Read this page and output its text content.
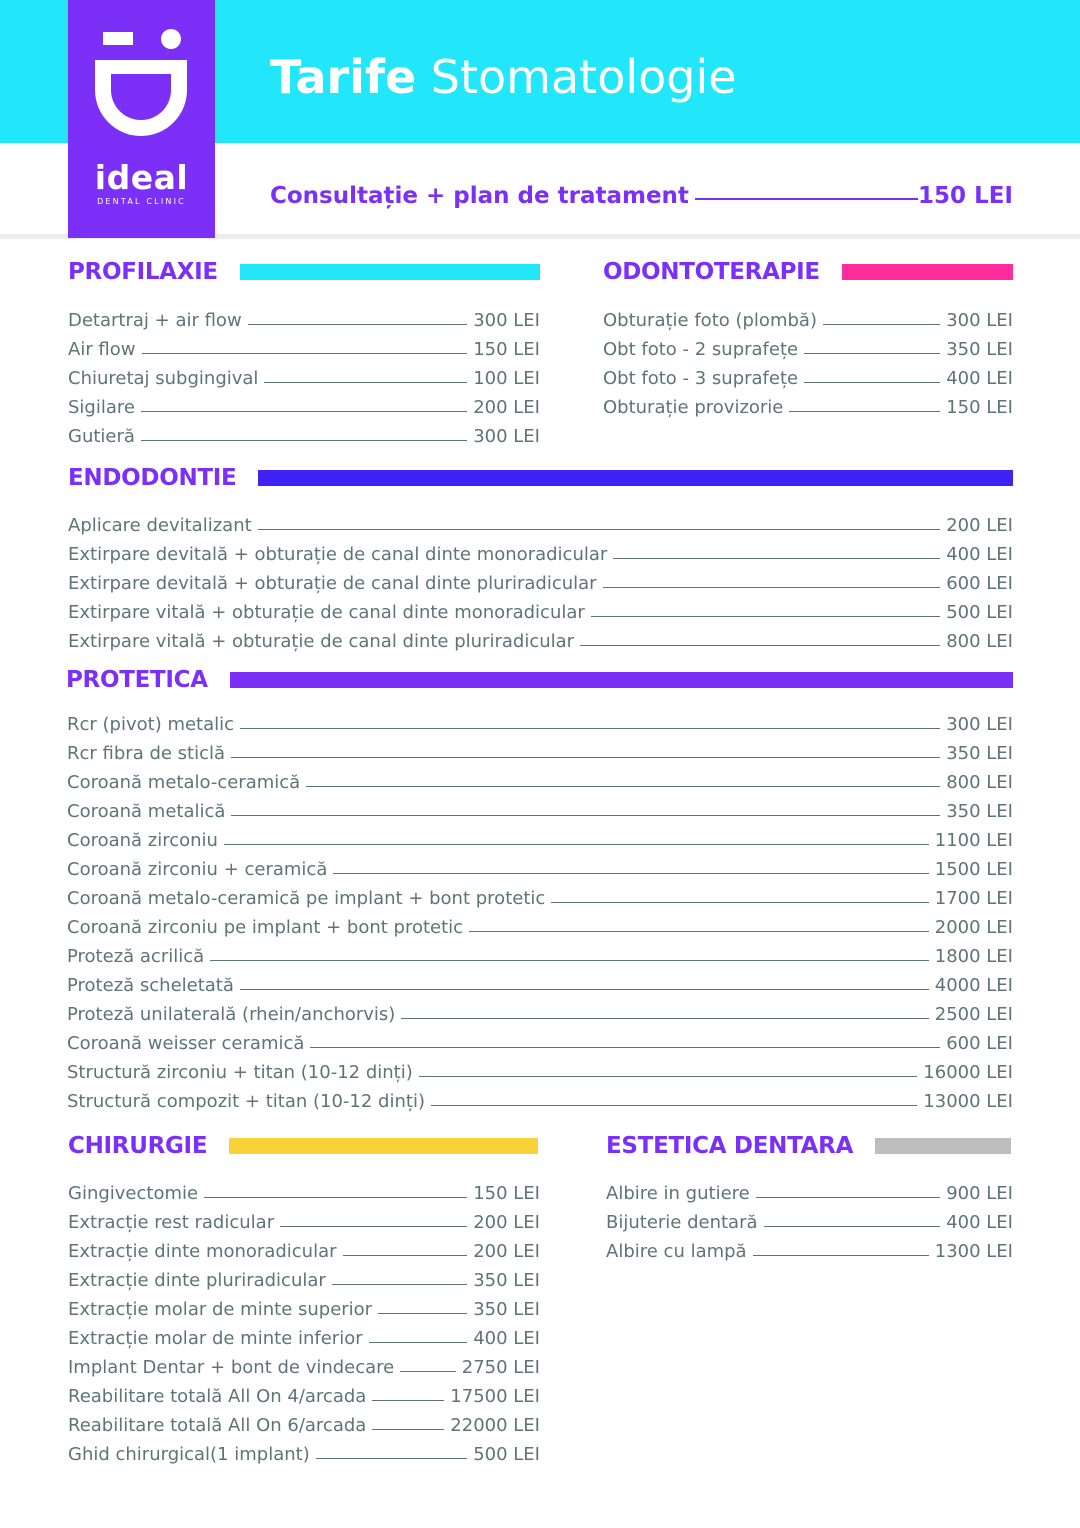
ideal
DENTAL CLINIC
Tarife Stomatologie
Consultație + plan de tratament	150 LEI
PROFILAXIE
Detartraj + air flow	300 LEI
Air flow	150 LEI
Chiuretaj subgingival	100 LEI
Sigilare	200 LEI
Gutieră	300 LEI
ODONTOTERAPIE
Obturație foto (plombă)	300 LEI
Obt foto - 2 suprafețe	350 LEI
Obt foto - 3 suprafețe	400 LEI
Obturație provizorie	150 LEI
ENDODONTIE
Aplicare devitalizant	200 LEI
Extirpare devitală + obturație de canal dinte monoradicular	400 LEI
Extirpare devitală + obturație de canal dinte pluriradicular	600 LEI
Extirpare vitală + obturație de canal dinte monoradicular	500 LEI
Extirpare vitală + obturație de canal dinte pluriradicular	800 LEI
PROTETICA
Rcr (pivot) metalic	300 LEI
Rcr fibra de sticlă	350 LEI
Coroană metalo-ceramică	800 LEI
Coroană metalică	350 LEI
Coroană zirconiu	1100 LEI
Coroană zirconiu + ceramică	1500 LEI
Coroană metalo-ceramică pe implant + bont protetic	1700 LEI
Coroană zirconiu pe implant + bont protetic	2000 LEI
Proteză acrilică	1800 LEI
Proteză scheletată	4000 LEI
Proteză unilaterală (rhein/anchorvis)	2500 LEI
Coroană weisser ceramică	600 LEI
Structură zirconiu + titan (10-12 dinți)	16000 LEI
Structură compozit + titan (10-12 dinți)	13000 LEI
CHIRURGIE
Gingivectomie	150 LEI
Extracție rest radicular	200 LEI
Extracție dinte monoradicular	200 LEI
Extracție dinte pluriradicular	350 LEI
Extracție molar de minte superior	350 LEI
Extracție molar de minte inferior	400 LEI
Implant Dentar + bont de vindecare	2750 LEI
Reabilitare totală All On 4/arcada	17500 LEI
Reabilitare totală All On 6/arcada	22000 LEI
Ghid chirurgical(1 implant)	500 LEI
ESTETICA DENTARA
Albire in gutiere	900 LEI
Bijuterie dentară	400 LEI
Albire cu lampă	1300 LEI
